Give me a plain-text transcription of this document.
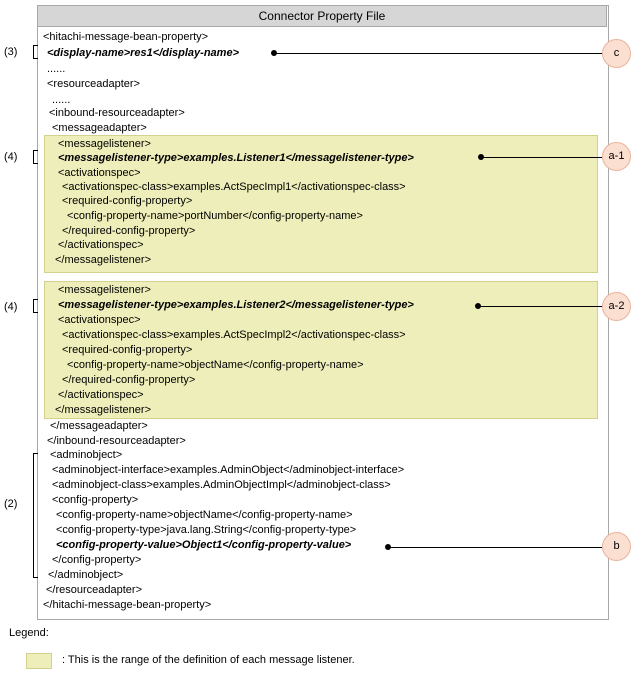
Connector Property File
<hitachi-message-bean-property>
<display-name>res1</display-name>
......
<resourceadapter>
......
<inbound-resourceadapter>
<messageadapter>
<messagelistener>
<messagelistener-type>examples.Listener1</messagelistener-type>
<activationspec>
<activationspec-class>examples.ActSpecImpl1</activationspec-class>
<required-config-property>
<config-property-name>portNumber</config-property-name>
</required-config-property>
</activationspec>
</messagelistener>
<messagelistener>
<messagelistener-type>examples.Listener2</messagelistener-type>
<activationspec>
<activationspec-class>examples.ActSpecImpl2</activationspec-class>
<required-config-property>
<config-property-name>objectName</config-property-name>
</required-config-property>
</activationspec>
</messagelistener>
</messageadapter>
</inbound-resourceadapter>
<adminobject>
<adminobject-interface>examples.AdminObject</adminobject-interface>
<adminobject-class>examples.AdminObjectImpl</adminobject-class>
<config-property>
<config-property-name>objectName</config-property-name>
<config-property-type>java.lang.String</config-property-type>
<config-property-value>Object1</config-property-value>
</config-property>
</adminobject>
</resourceadapter>
</hitachi-message-bean-property>
(3)
(4)
(4)
(2)
c
a-1
a-2
b
Legend:
: This is the range of the definition of each message listener.
